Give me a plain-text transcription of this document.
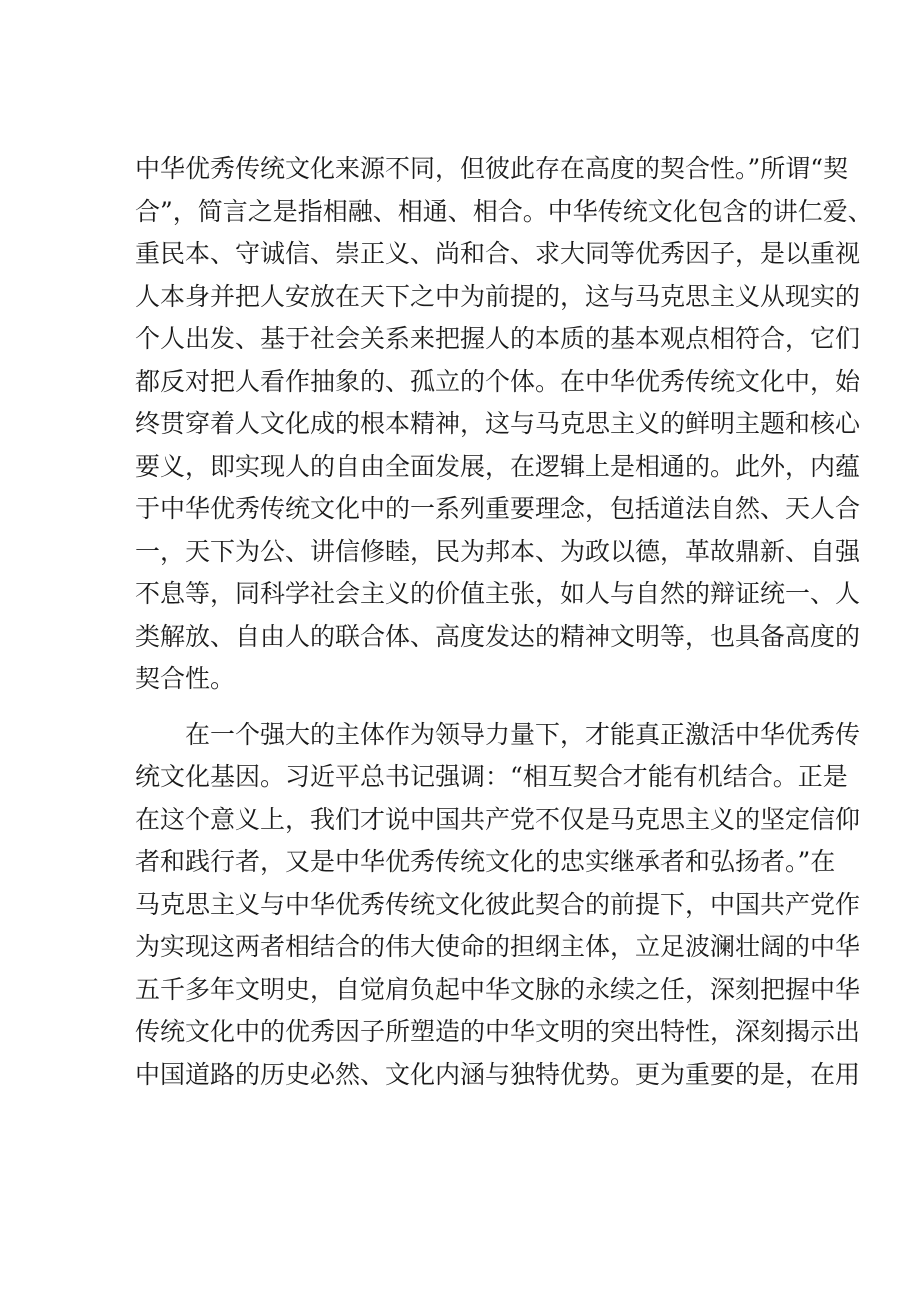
中华优秀传统文化来源不同，但彼此存在高度的契合性。”所谓“契
合”，简言之是指相融、相通、相合。中华传统文化包含的讲仁爱、
重民本、守诚信、崇正义、尚和合、求大同等优秀因子，是以重视
人本身并把人安放在天下之中为前提的，这与马克思主义从现实的
个人出发、基于社会关系来把握人的本质的基本观点相符合，它们
都反对把人看作抽象的、孤立的个体。在中华优秀传统文化中，始
终贯穿着人文化成的根本精神，这与马克思主义的鲜明主题和核心
要义，即实现人的自由全面发展，在逻辑上是相通的。此外，内蕴
于中华优秀传统文化中的一系列重要理念，包括道法自然、天人合
一，天下为公、讲信修睦，民为邦本、为政以德，革故鼎新、自强
不息等，同科学社会主义的价值主张，如人与自然的辩证统一、人
类解放、自由人的联合体、高度发达的精神文明等，也具备高度的
契合性。
在一个强大的主体作为领导力量下，才能真正激活中华优秀传
统文化基因。习近平总书记强调：“相互契合才能有机结合。正是
在这个意义上，我们才说中国共产党不仅是马克思主义的坚定信仰
者和践行者，又是中华优秀传统文化的忠实继承者和弘扬者。”在
马克思主义与中华优秀传统文化彼此契合的前提下，中国共产党作
为实现这两者相结合的伟大使命的担纲主体，立足波澜壮阔的中华
五千多年文明史，自觉肩负起中华文脉的永续之任，深刻把握中华
传统文化中的优秀因子所塑造的中华文明的突出特性，深刻揭示出
中国道路的历史必然、文化内涵与独特优势。更为重要的是，在用
